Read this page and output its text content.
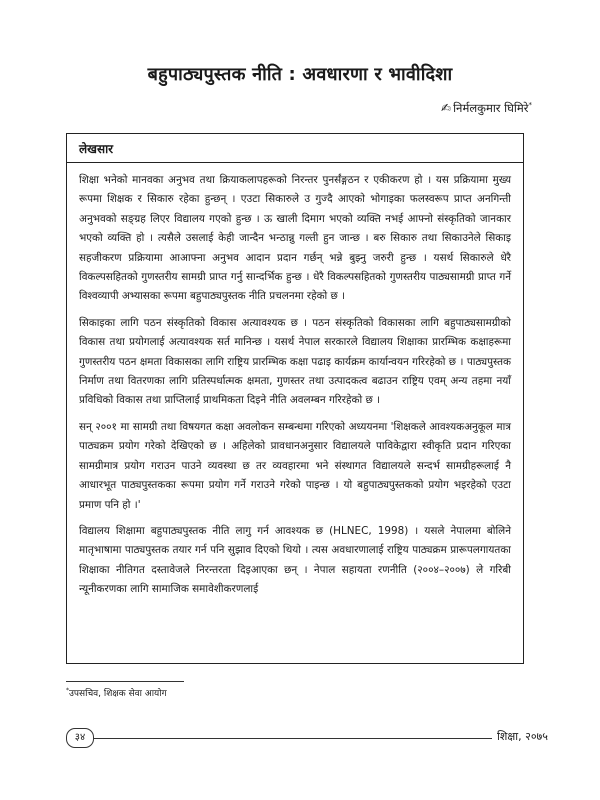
बहुपाठ्यपुस्तक नीति : अवधारणा र भावीदिशा
✍ निर्मलकुमार घिमिरे*
लेखसार

शिक्षा भनेको मानवका अनुभव तथा क्रियाकलापहरूको निरन्तर पुनर्संङ्गठन र एकीकरण हो । यस प्रक्रियामा मुख्य रूपमा शिक्षक र सिकारु रहेका हुन्छन् । एउटा सिकारुले उ गुज्दै आएको भोगाइका फलस्वरूप प्राप्त अनगिन्ती अनुभवको सङ्ग्रह लिएर विद्यालय गएको हुन्छ । ऊ खाली दिमाग भएको व्यक्ति नभई आफ्नो संस्कृतिको जानकार भएको व्यक्ति हो । त्यसैले उसलाई केही जान्दैन भन्ठान्नु गल्ती हुन जान्छ । बरु सिकारु तथा सिकाउनेले सिकाइ सहजीकरण प्रक्रियामा आआफ्ना अनुभव आदान प्रदान गर्छन् भन्ने बुझ्नु जरुरी हुन्छ । यसर्थ सिकारुले धेरै विकल्पसहितको गुणस्तरीय सामग्री प्राप्त गर्नु सान्दर्भिक हुन्छ । धेरै विकल्पसहितको गुणस्तरीय पाठ्यसामग्री प्राप्त गर्ने विश्वव्यापी अभ्यासका रूपमा बहुपाठ्यपुस्तक नीति प्रचलनमा रहेको छ ।

सिकाइका लागि पठन संस्कृतिको विकास अत्यावश्यक छ । पठन संस्कृतिको विकासका लागि बहुपाठ्यसामग्रीको विकास तथा प्रयोगलाई अत्यावश्यक सर्त मानिन्छ । यसर्थ नेपाल सरकारले विद्यालय शिक्षाका प्रारम्भिक कक्षाहरूमा गुणस्तरीय पठन क्षमता विकासका लागि राष्ट्रिय प्रारम्भिक कक्षा पढाइ कार्यक्रम कार्यान्वयन गरिरहेको छ । पाठ्यपुस्तक निर्माण तथा वितरणका लागि प्रतिस्पर्धात्मक क्षमता, गुणस्तर तथा उत्पादकत्व बढाउन राष्ट्रिय एवम् अन्य तहमा नयाँ प्रविधिको विकास तथा प्राप्तिलाई प्राथमिकता दिइने नीति अवलम्बन गरिरहेको छ ।

सन् २००१ मा सामग्री तथा विषयगत कक्षा अवलोकन सम्बन्धमा गरिएको अध्ययनमा 'शिक्षकले आवश्यकअनुकूल मात्र पाठ्यक्रम प्रयोग गरेको देखिएको छ । अहिलेको प्रावधानअनुसार विद्यालयले पाविकेद्वारा स्वीकृति प्रदान गरिएका सामग्रीमात्र प्रयोग गराउन पाउने व्यवस्था छ तर व्यवहारमा भने संस्थागत विद्यालयले सन्दर्भ सामग्रीहरूलाई नै आधारभूत पाठ्यपुस्तकका रूपमा प्रयोग गर्ने गराउने गरेको पाइन्छ । यो बहुपाठ्यपुस्तकको प्रयोग भइरहेको एउटा प्रमाण पनि हो ।'

विद्यालय शिक्षामा बहुपाठ्यपुस्तक नीति लागु गर्न आवश्यक छ (HLNEC, 1998) । यसले नेपालमा बोलिने मातृभाषामा पाठ्यपुस्तक तयार गर्न पनि सुझाव दिएको थियो । त्यस अवधारणालाई राष्ट्रिय पाठ्यक्रम प्रारूपलगायतका शिक्षाका नीतिगत दस्तावेजले निरन्तरता दिइआएका छन् । नेपाल सहायता रणनीति (२००४–२००७) ले गरिबी न्यूनीकरणका लागि सामाजिक समावेशीकरणलाई

*उपसचिव, शिक्षक सेवा आयोग
३४	शिक्षा, २०७५
